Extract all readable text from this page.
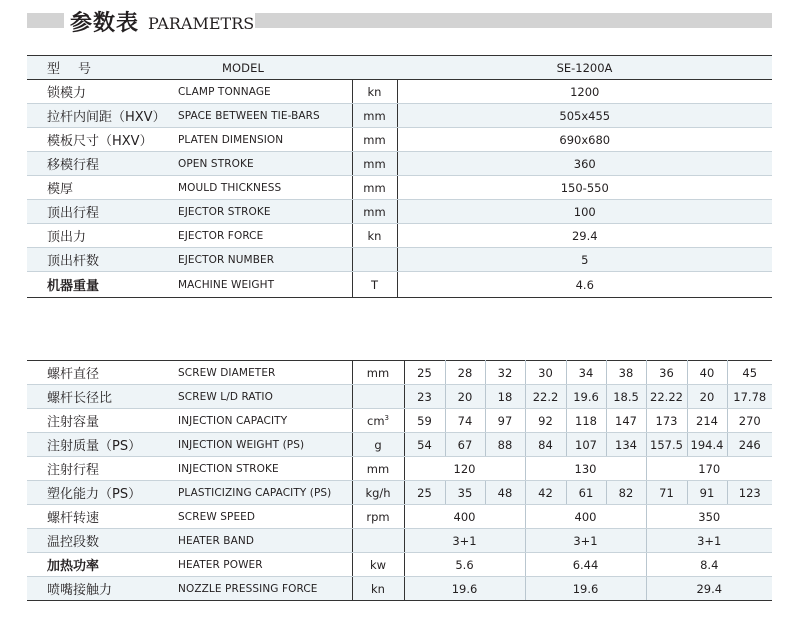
参数表 PARAMETRS
型号	MODEL		SE-1200A
锁模力	CLAMP TONNAGE	kn	1200
拉杆内间距（HXV）	SPACE BETWEEN TIE-BARS	mm	505x455
模板尺寸（HXV）	PLATEN DIMENSION	mm	690x680
移模行程	OPEN STROKE	mm	360
模厚	MOULD THICKNESS	mm	150-550
顶出行程	EJECTOR STROKE	mm	100
顶出力	EJECTOR FORCE	kn	29.4
顶出杆数	EJECTOR NUMBER		5
机器重量	MACHINE WEIGHT	T	4.6
螺杆直径	SCREW DIAMETER	mm	25	28	32	30	34	38	36	40	45
螺杆长径比	SCREW L/D RATIO		23	20	18	22.2	19.6	18.5	22.22	20	17.78
注射容量	INJECTION CAPACITY	$cm^3$	59	74	97	92	118	147	173	214	270
注射质量（PS）	INJECTION WEIGHT (PS)	g	54	67	88	84	107	134	157.5	194.4	246
注射行程	INJECTION STROKE	mm	120			130			170		
塑化能力（PS）	PLASTICIZING CAPACITY (PS)	kg/h	25	35	48	42	61	82	71	91	123
螺杆转速	SCREW SPEED	rpm	400			400			350		
温控段数	HEATER BAND		3+1			3+1			3+1		
加热功率	HEATER POWER	kw	5.6			6.44			8.4		
喷嘴接触力	NOZZLE PRESSING FORCE	kn	19.6			19.6			29.4		
